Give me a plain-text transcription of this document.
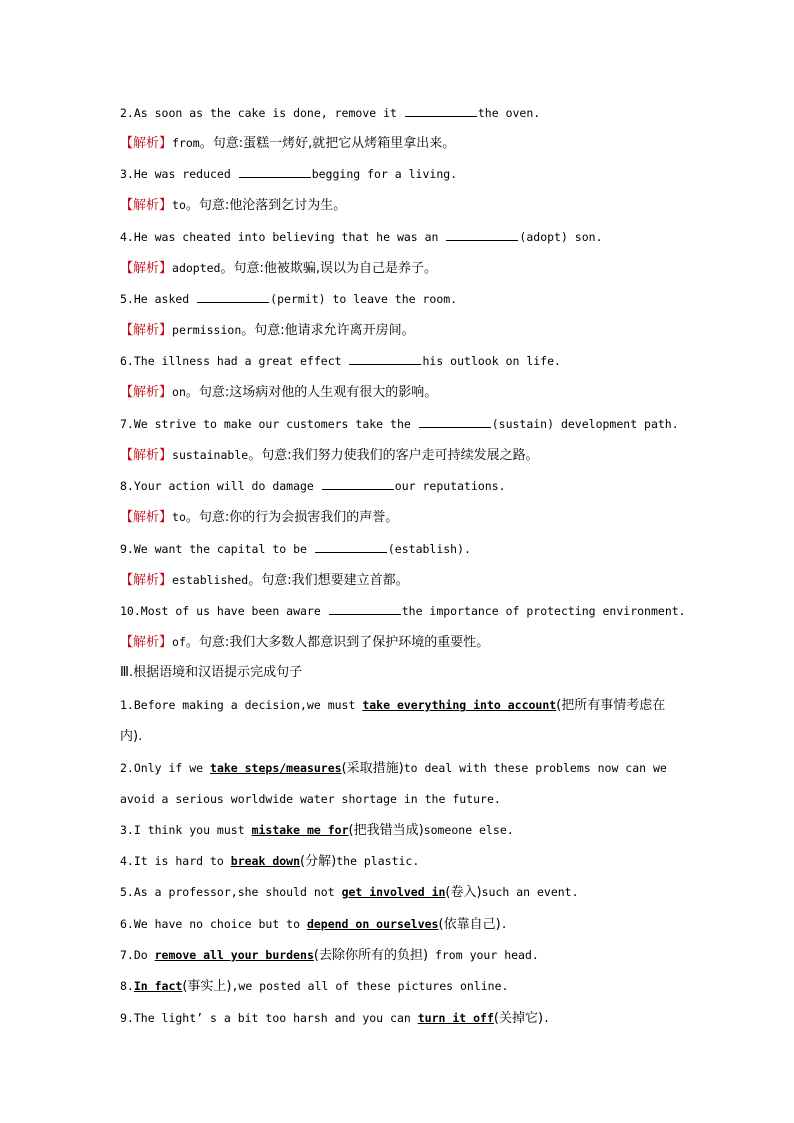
2.As soon as the cake is done, remove it	the oven.
【解析】from。句意:蛋糕一烤好,就把它从烤箱里拿出来。
3.He was reduced	begging for a living.
【解析】to。句意:他沦落到乞讨为生。
4.He was cheated into believing that he was an	(adopt) son.
【解析】adopted。句意:他被欺骗,误以为自己是养子。
5.He asked	(permit) to leave the room.
【解析】permission。句意:他请求允许离开房间。
6.The illness had a great effect	his outlook on life.
【解析】on。句意:这场病对他的人生观有很大的影响。
7.We strive to make our customers take the	(sustain) development path.
【解析】sustainable。句意:我们努力使我们的客户走可持续发展之路。
8.Your action will do damage	our reputations.
【解析】to。句意:你的行为会损害我们的声誉。
9.We want the capital to be	(establish).
【解析】established。句意:我们想要建立首都。
10.Most of us have been aware	the importance of protecting environment.
【解析】of。句意:我们大多数人都意识到了保护环境的重要性。
Ⅲ.根据语境和汉语提示完成句子
1.Before making a decision,we must take everything into account(把所有事情考虑在
内).
2.Only if we take steps/measures(采取措施)to deal with these problems now can we
avoid a serious worldwide water shortage in the future.
3.I think you must mistake me for(把我错当成)someone else.
4.It is hard to break down(分解)the plastic.
5.As a professor,she should not get involved in(卷入)such an event.
6.We have no choice but to depend on ourselves(依靠自己).
7.Do remove all your burdens(去除你所有的负担) from your head.
8.In fact(事实上),we posted all of these pictures online.
9.The light’ s a bit too harsh and you can turn it off(关掉它).
